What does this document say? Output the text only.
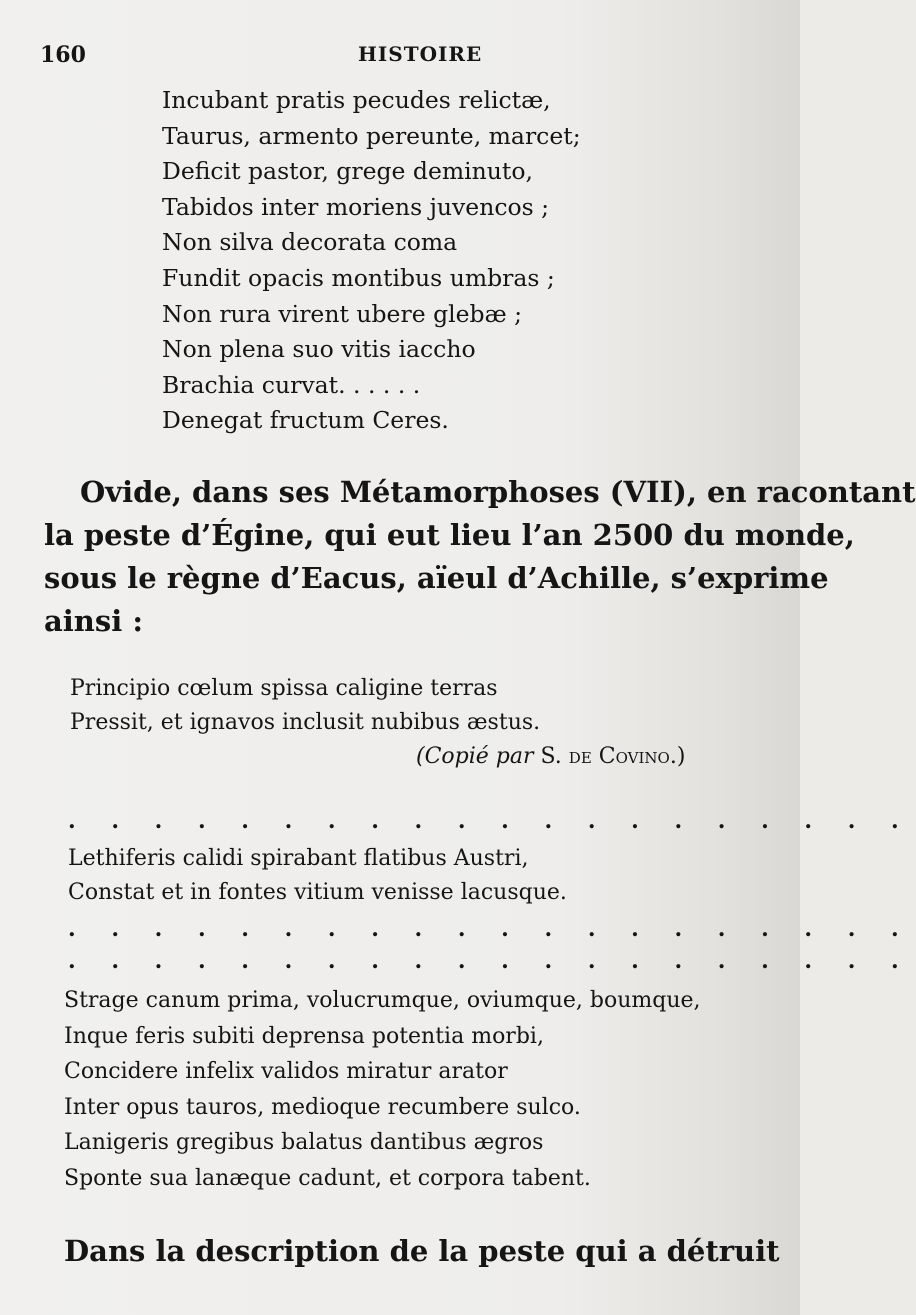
160	HISTOIRE
Incubant pratis pecudes relictæ,
Taurus, armento pereunte, marcet;
Deficit pastor, grege deminuto,
Tabidos inter moriens juvencos ;
Non silva decorata coma
Fundit opacis montibus umbras ;
Non rura virent ubere glebæ ;
Non plena suo vitis iaccho
Brachia curvat. . . . . .
Denegat fructum Ceres.
Ovide, dans ses Métamorphoses (VII), en racontant
la peste d’Égine, qui eut lieu l’an 2500 du monde,
sous le règne d’Eacus, aïeul d’Achille, s’exprime
ainsi :
Principio cœlum spissa caligine terras
Pressit, et ignavos inclusit nubibus æstus.
(Copié par S. de Covino.)
. . . . . . . . . . . . . . . . . . . .
Lethiferis calidi spirabant flatibus Austri,
Constat et in fontes vitium venisse lacusque.
. . . . . . . . . . . . . . . . . . . .
. . . . . . . . . . . . . . . . . . . .
Strage canum prima, volucrumque, oviumque, boumque,
Inque feris subiti deprensa potentia morbi,
Concidere infelix validos miratur arator
Inter opus tauros, medioque recumbere sulco.
Lanigeris gregibus balatus dantibus ægros
Sponte sua lanæque cadunt, et corpora tabent.
Dans la description de la peste qui a détruit
